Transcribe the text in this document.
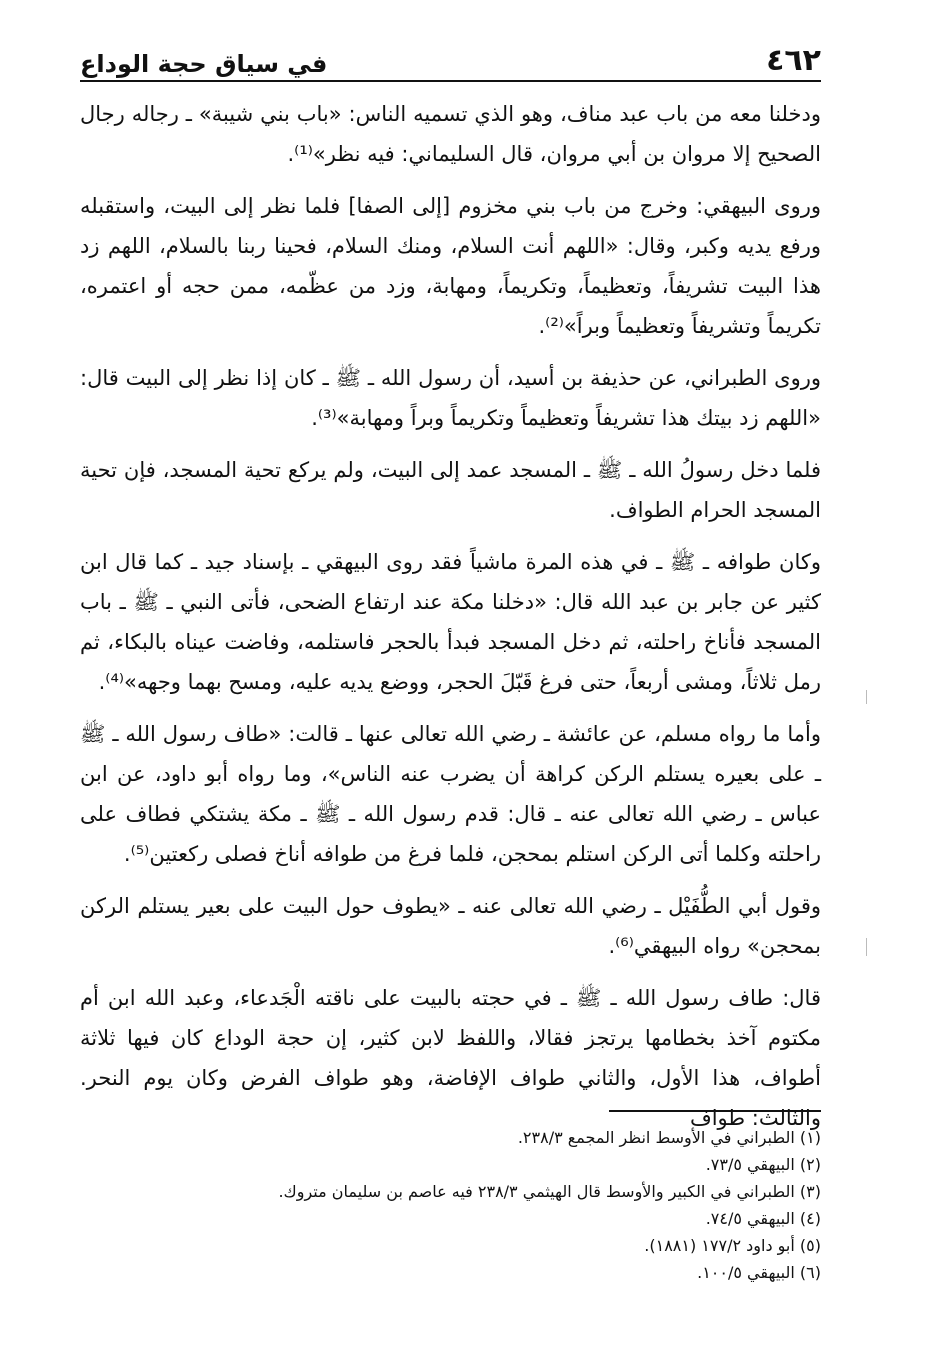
٤٦٢
في سياق حجة الوداع

ودخلنا معه من باب عبد مناف، وهو الذي تسميه الناس: «باب بني شيبة» ـ رجاله رجال الصحيح إلا مروان بن أبي مروان، قال السليماني: فيه نظر»⁽¹⁾.

وروى البيهقي: وخرج من باب بني مخزوم [إلى الصفا] فلما نظر إلى البيت، واستقبله ورفع يديه وكبر، وقال: «اللهم أنت السلام، ومنك السلام، فحينا ربنا بالسلام، اللهم زد هذا البيت تشريفاً، وتعظيماً، وتكريماً، ومهابة، وزد من عظّمه، ممن حجه أو اعتمره، تكريماً وتشريفاً وتعظيماً وبراً»⁽²⁾.

وروى الطبراني، عن حذيفة بن أسيد، أن رسول الله ـ ﷺ ـ كان إذا نظر إلى البيت قال: «اللهم زد بيتك هذا تشريفاً وتعظيماً وتكريماً وبراً ومهابة»⁽³⁾.

فلما دخل رسولُ الله ـ ﷺ ـ المسجد عمد إلى البيت، ولم يركع تحية المسجد، فإن تحية المسجد الحرام الطواف.

وكان طوافه ـ ﷺ ـ في هذه المرة ماشياً فقد روى البيهقي ـ بإسناد جيد ـ كما قال ابن كثير عن جابر بن عبد الله قال: «دخلنا مكة عند ارتفاع الضحى، فأتى النبي ـ ﷺ ـ باب المسجد فأناخ راحلته، ثم دخل المسجد فبدأ بالحجر فاستلمه، وفاضت عيناه بالبكاء، ثم رمل ثلاثاً، ومشى أربعاً، حتى فرغ قَبّلَ الحجر، ووضع يديه عليه، ومسح بهما وجهه»⁽⁴⁾.

وأما ما رواه مسلم، عن عائشة ـ رضي الله تعالى عنها ـ قالت: «طاف رسول الله ـ ﷺ ـ على بعيره يستلم الركن كراهة أن يضرب عنه الناس»، وما رواه أبو داود، عن ابن عباس ـ رضي الله تعالى عنه ـ قال: قدم رسول الله ـ ﷺ ـ مكة يشتكي فطاف على راحلته وكلما أتى الركن استلم بمحجن، فلما فرغ من طوافه أناخ فصلى ركعتين⁽⁵⁾.

وقول أبي الطُّفَيْل ـ رضي الله تعالى عنه ـ «يطوف حول البيت على بعير يستلم الركن بمحجن» رواه البيهقي⁽⁶⁾.

قال: طاف رسول الله ـ ﷺ ـ في حجته بالبيت على ناقته الْجَدعاء، وعبد الله ابن أم مكتوم آخذ بخطامها يرتجز فقالا، واللفظ لابن كثير، إن حجة الوداع كان فيها ثلاثة أطواف، هذا الأول، والثاني طواف الإفاضة، وهو طواف الفرض وكان يوم النحر. والثالث: طواف

(١) الطبراني في الأوسط انظر المجمع ٢٣٨/٣.

(٢) البيهقي ٧٣/٥.

(٣) الطبراني في الكبير والأوسط قال الهيثمي ٢٣٨/٣ فيه عاصم بن سليمان متروك.

(٤) البيهقي ٧٤/٥.

(٥) أبو داود ١٧٧/٢ (١٨٨١).

(٦) البيهقي ١٠٠/٥.
